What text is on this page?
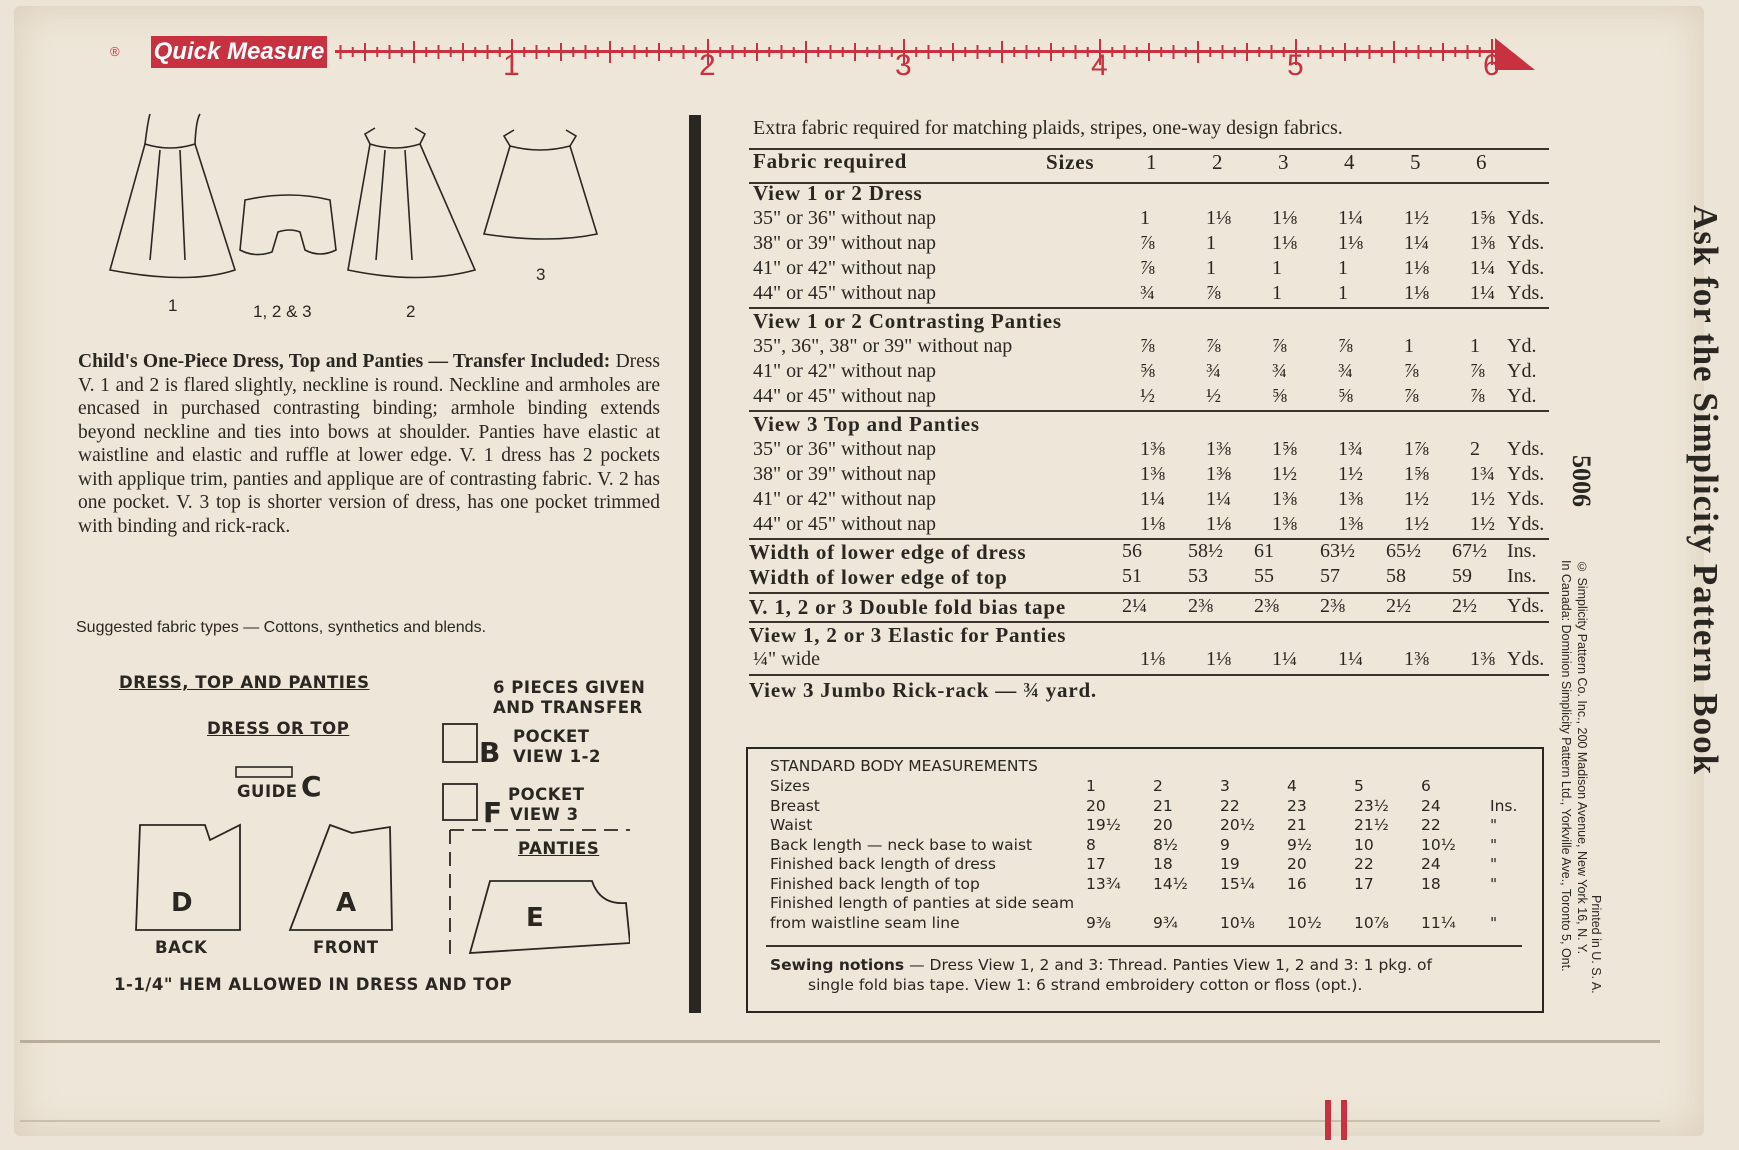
® Quick Measure	1	2	3	4	5	6
1	1, 2 & 3	2
3
Child's One-Piece Dress, Top and Panties — Transfer Included: Dress V. 1 and 2 is flared slightly, neckline is round. Neckline and armholes are encased in purchased contrasting binding; armhole binding extends beyond neckline and ties into bows at shoulder. Panties have elastic at waistline and elastic and ruffle at lower edge. V. 1 dress has 2 pockets with applique trim, panties and applique are of contrasting fabric. V. 2 has one pocket. V. 3 top is shorter version of dress, has one pocket trimmed with binding and rick-rack.
Suggested fabric types — Cottons, synthetics and blends.
DRESS, TOP AND PANTIES
DRESS OR TOP
6 PIECES GIVEN
AND TRANSFER
GUIDE C
B POCKET
VIEW 1-2
F
POCKET
VIEW 3
PANTIES
D	A	E
BACK	FRONT
1-1/4" HEM ALLOWED IN DRESS AND TOP
Extra fabric required for matching plaids, stripes, one-way design fabrics.
Fabric required	Sizes 1	2	3	4	5	6
View 1 or 2 Dress
35" or 36" without nap	1	1⅛ 1⅛ 1¼ 1½ 1⅝ Yds.
38" or 39" without nap	⅞	1	1⅛ 1⅛ 1¼ 1⅜ Yds.
41" or 42" without nap	⅞	1	1	1	1⅛ 1¼ Yds.
44" or 45" without nap	¾	⅞	1	1	1⅛ 1¼ Yds.
View 1 or 2 Contrasting Panties
35", 36", 38" or 39" without nap	⅞	⅞	⅞	⅞	1	1 Yd.
41" or 42" without nap	⅝	¾	¾	¾	⅞	⅞ Yd.
44" or 45" without nap	½	½	⅝	⅝	⅞	⅞ Yd.
View 3 Top and Panties
35" or 36" without nap	1⅜ 1⅜ 1⅝ 1¾ 1⅞ 2 Yds.
38" or 39" without nap	1⅜ 1⅜ 1½ 1½ 1⅝ 1¾ Yds.
41" or 42" without nap	1¼ 1¼ 1⅜ 1⅜ 1½ 1½ Yds.
44" or 45" without nap	1⅛ 1⅛ 1⅜ 1⅜ 1½ 1½ Yds.
Width of lower edge of dress	56 58½ 61 63½ 65½ 67½ Ins.
Width of lower edge of top	51 53 55 57 58 59 Ins.
V. 1, 2 or 3 Double fold bias tape	2¼ 2⅜ 2⅜ 2⅜ 2½ 2½ Yds.
View 1, 2 or 3 Elastic for Panties
¼" wide	1⅛ 1⅛ 1¼ 1¼ 1⅜ 1⅜ Yds.
View 3 Jumbo Rick-rack — ¾ yard.
STANDARD BODY MEASUREMENTS
Sizes	1	2	3	4	5	6
Breast	20	21	22	23	23½ 24	Ins.
Waist	19½ 20	20½ 21	21½ 22	"
Back length — neck base to waist	8	8½	9	9½	10	10½ "
Finished back length of dress	17	18	19	20	22	24	"
Finished back length of top	13¾ 14½ 15¼ 16	17	18	"
Finished length of panties at side seam
from waistline seam line	9⅜	9¾	10⅛ 10½ 10⅞ 11¼ "
Sewing notions — Dress View 1, 2 and 3: Thread. Panties View 1, 2 and 3: 1 pkg. of
single fold bias tape. View 1: 6 strand embroidery cotton or floss (opt.).
Ask for the Simplicity Pattern Book
5006
© Simplicity Pattern Co. Inc., 200 Madison Avenue, New York 16, N. Y.
In Canada: Dominion Simplicity Pattern Ltd., Yorkville Ave., Toronto 5, Ont.	Printed in U. S. A.
